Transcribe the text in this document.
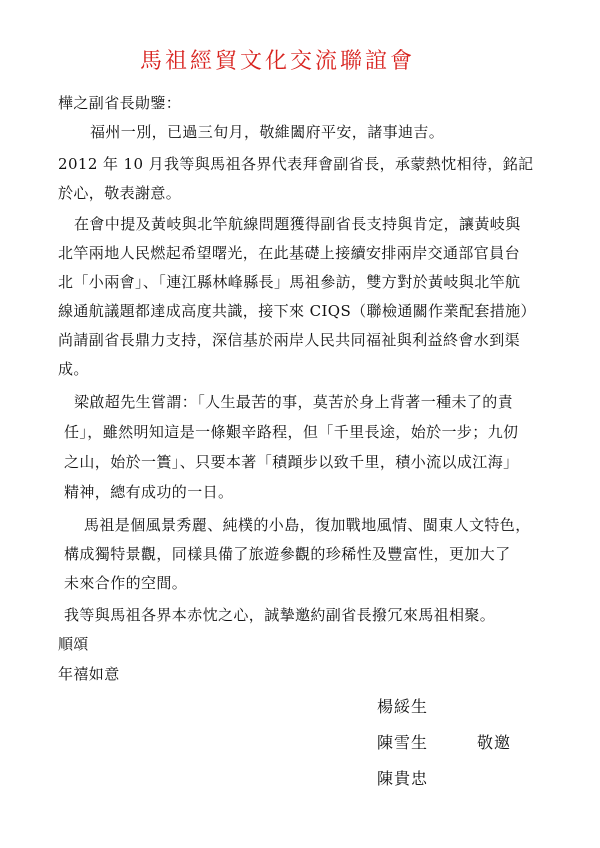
馬祖經貿文化交流聯誼會
樺之副省長勛鑒：
福州一別，已過三旬月，敬維闔府平安，諸事迪吉。
2012 年 10 月我等與馬祖各界代表拜會副省長，承蒙熱忱相待，銘記
於心，敬表謝意。
在會中提及黃岐與北竿航線問題獲得副省長支持與肯定，讓黃岐與
北竿兩地人民燃起希望曙光，在此基礎上接續安排兩岸交通部官員台
北「小兩會」、「連江縣林峰縣長」馬祖參訪，雙方對於黃岐與北竿航
線通航議題都達成高度共識，接下來 CIQS（聯檢通關作業配套措施）
尚請副省長鼎力支持，深信基於兩岸人民共同福祉與利益終會水到渠
成。
梁啟超先生嘗謂：「人生最苦的事，莫苦於身上背著一種未了的責
任」，雖然明知這是一條艱辛路程，但「千里長途，始於一步；九仞
之山，始於一簣」、只要本著「積蹞步以致千里，積小流以成江海」
精神，總有成功的一日。
馬祖是個風景秀麗、純樸的小島，復加戰地風情、閩東人文特色，
構成獨特景觀，同樣具備了旅遊參觀的珍稀性及豐富性，更加大了
未來合作的空間。
我等與馬祖各界本赤忱之心，誠摯邀約副省長撥冗來馬祖相聚。
順頌
年禧如意
楊綏生
陳雪生	敬邀
陳貴忠
